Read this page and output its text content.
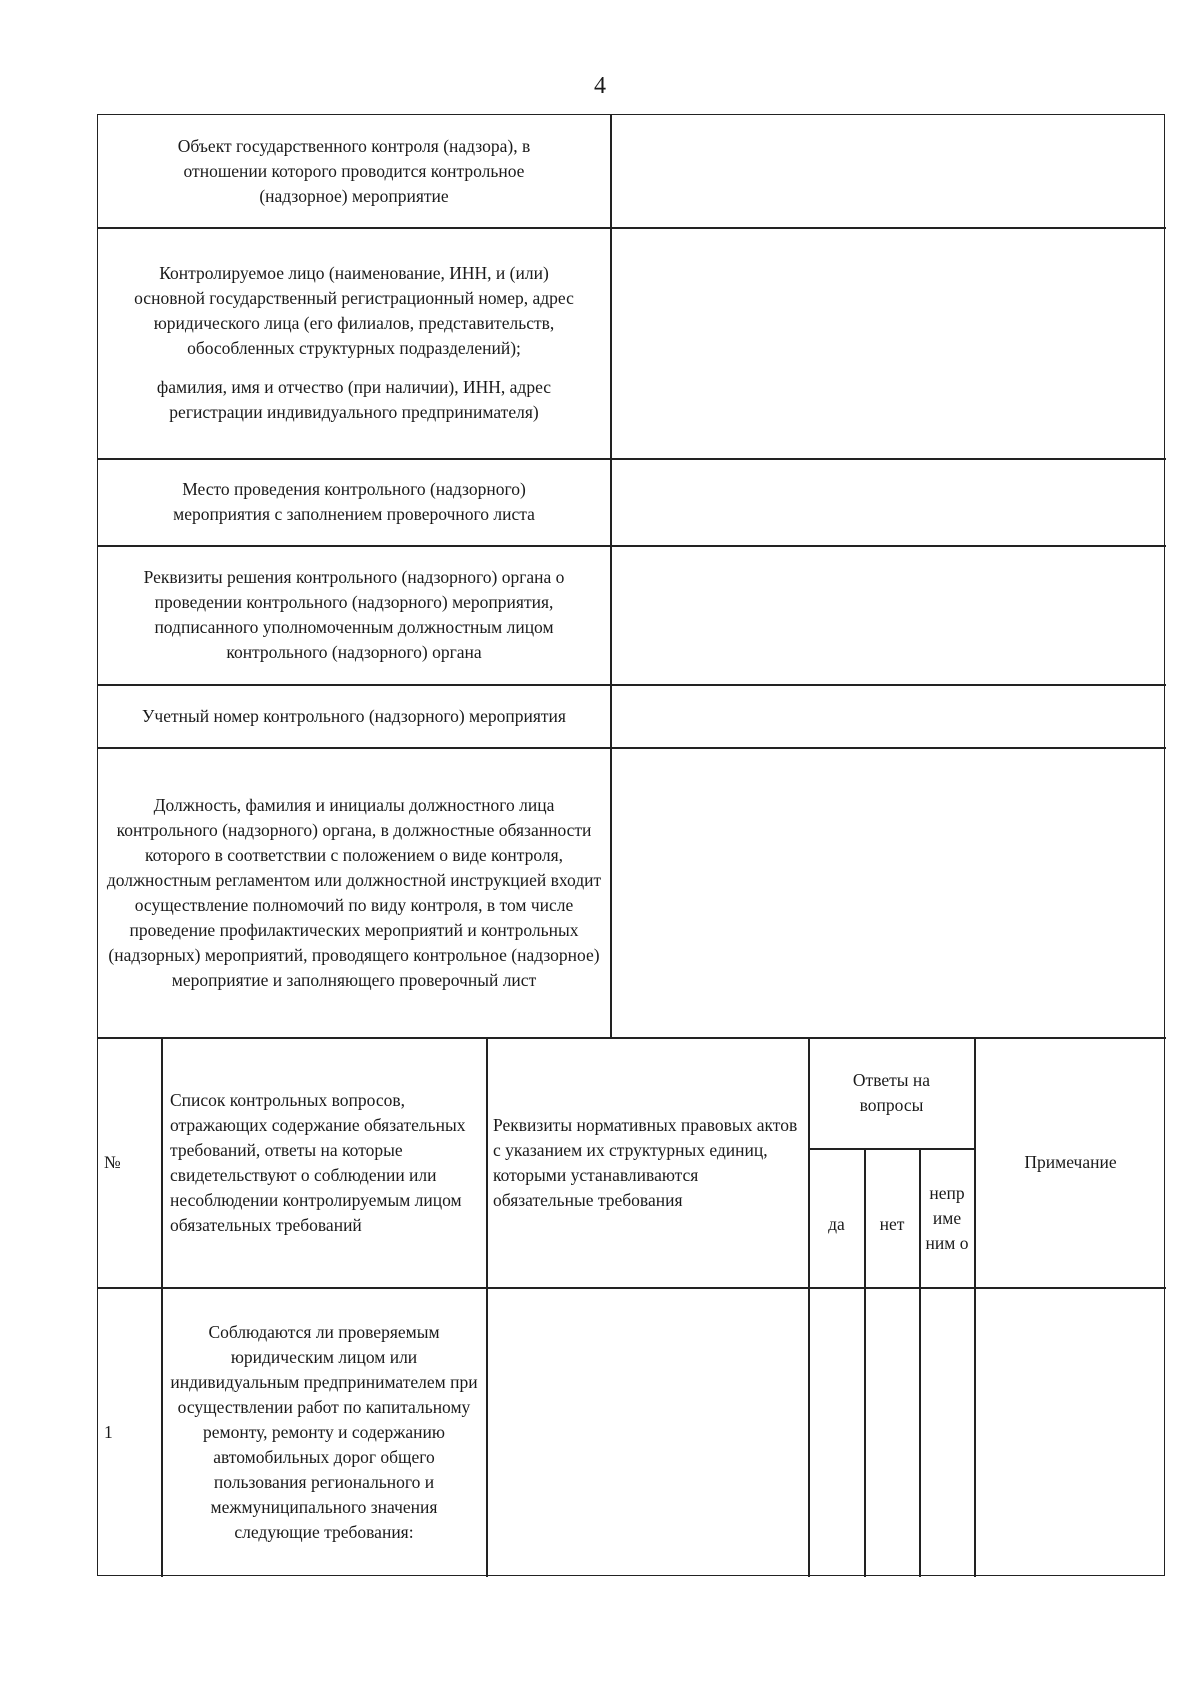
4
Объект государственного контроля (надзора), в отношении которого проводится контрольное (надзорное) мероприятие
Контролируемое лицо (наименование, ИНН, и (или) основной государственный регистрационный номер, адрес юридического лица (его филиалов, представительств, обособленных структурных подразделений);
фамилия, имя и отчество (при наличии), ИНН, адрес регистрации индивидуального предпринимателя)
Место проведения контрольного (надзорного) мероприятия с заполнением проверочного листа
Реквизиты решения контрольного (надзорного) органа о проведении контрольного (надзорного) мероприятия, подписанного уполномоченным должностным лицом контрольного (надзорного) органа
Учетный номер контрольного (надзорного) мероприятия
Должность, фамилия и инициалы должностного лица контрольного (надзорного) органа, в должностные обязанности которого в соответствии с положением о виде контроля, должностным регламентом или должностной инструкцией входит осуществление полномочий по виду контроля, в том числе проведение профилактических мероприятий и контрольных (надзорных) мероприятий, проводящего контрольное (надзорное) мероприятие и заполняющего проверочный лист
№
Список контрольных вопросов, отражающих содержание обязательных требований, ответы на которые свидетельствуют о соблюдении или несоблюдении контролируемым лицом обязательных требований
Реквизиты нормативных правовых актов с указанием их структурных единиц, которыми устанавливаются обязательные требования
Ответы на вопросы
да	нет
непр име ним о
Примечание
1
Соблюдаются ли проверяемым юридическим лицом или индивидуальным предпринимателем при осуществлении работ по капитальному ремонту, ремонту и содержанию автомобильных дорог общего пользования регионального и межмуниципального значения следующие требования:
